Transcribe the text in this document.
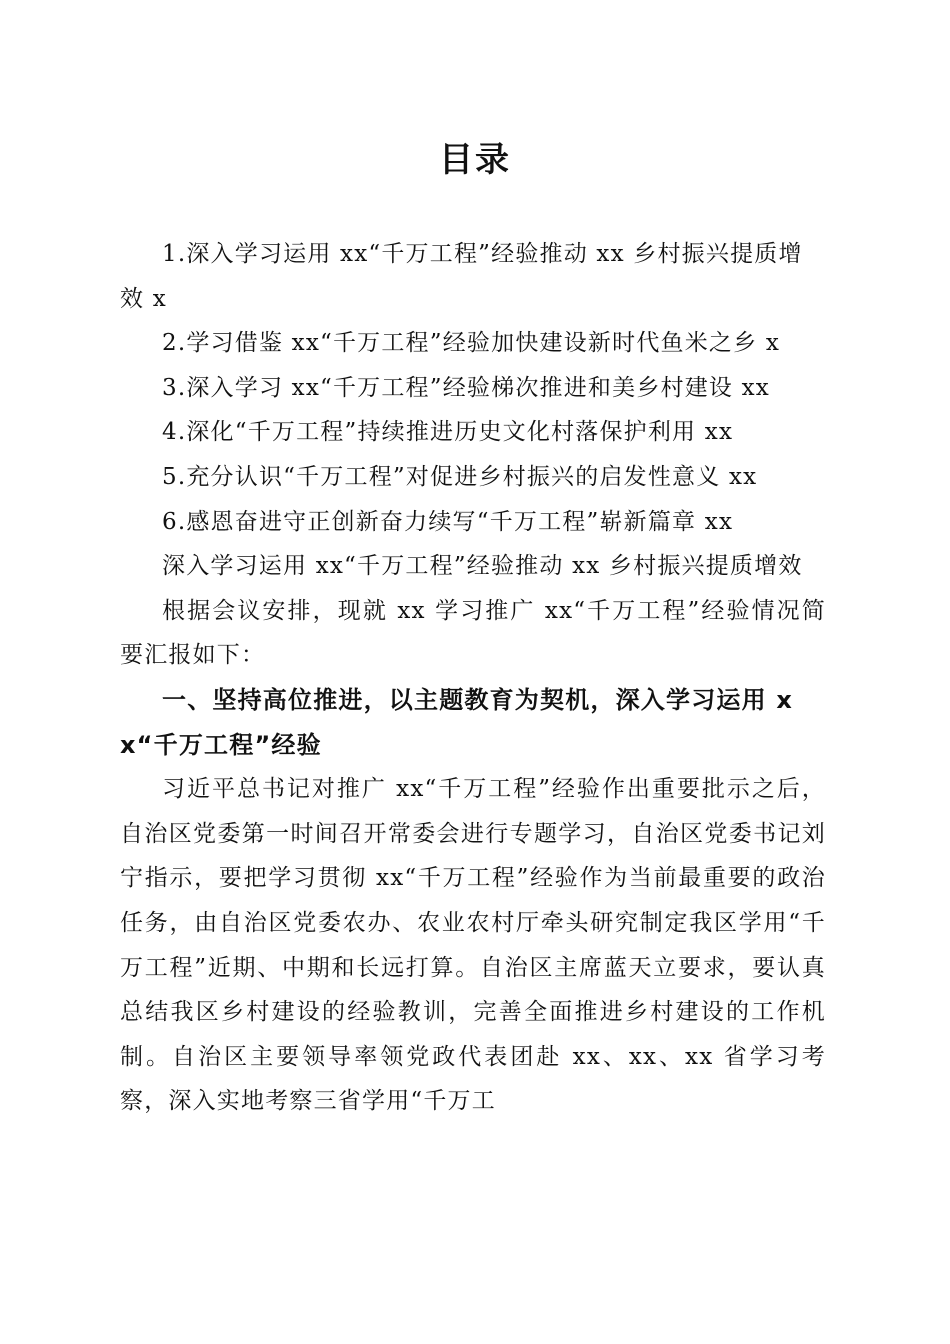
目录

1.深入学习运用 xx“千万工程”经验推动 xx 乡村振兴提质增效 x

2.学习借鉴 xx“千万工程”经验加快建设新时代鱼米之乡 x

3.深入学习 xx“千万工程”经验梯次推进和美乡村建设 xx

4.深化“千万工程”持续推进历史文化村落保护利用 xx

5.充分认识“千万工程”对促进乡村振兴的启发性意义 xx

6.感恩奋进守正创新奋力续写“千万工程”崭新篇章 xx

深入学习运用 xx“千万工程”经验推动 xx 乡村振兴提质增效

根据会议安排，现就 xx 学习推广 xx“千万工程”经验情况简要汇报如下：

一、坚持高位推进，以主题教育为契机，深入学习运用 xx“千万工程”经验

习近平总书记对推广 xx“千万工程”经验作出重要批示之后，自治区党委第一时间召开常委会进行专题学习，自治区党委书记刘宁指示，要把学习贯彻 xx“千万工程”经验作为当前最重要的政治任务，由自治区党委农办、农业农村厅牵头研究制定我区学用“千万工程”近期、中期和长远打算。自治区主席蓝天立要求，要认真总结我区乡村建设的经验教训，完善全面推进乡村建设的工作机制。自治区主要领导率领党政代表团赴 xx、xx、xx 省学习考察，深入实地考察三省学用“千万工
